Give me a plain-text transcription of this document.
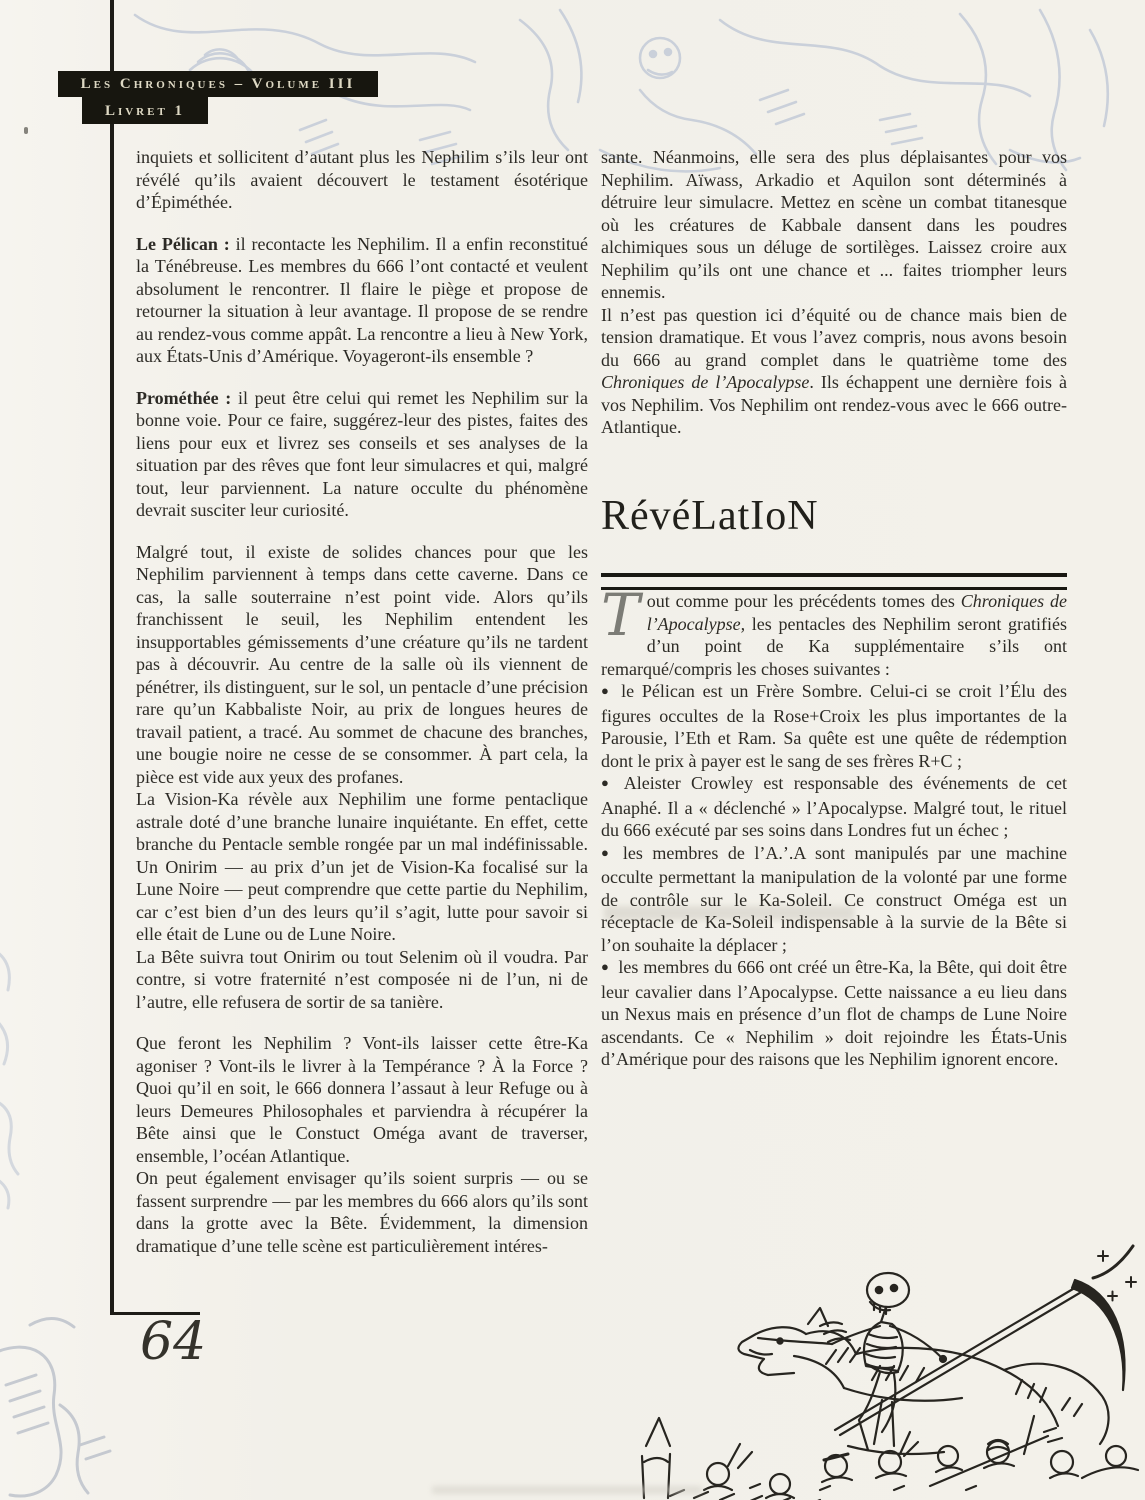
Les Chroniques – Volume III
Livret 1

inquiets et sollicitent d’autant plus les Nephilim s’ils leur ont révélé qu’ils avaient découvert le testament ésotérique d’Épiméthée.

Le Pélican : il recontacte les Nephilim. Il a enfin reconstitué la Ténébreuse. Les membres du 666 l’ont contacté et veulent absolument le rencontrer. Il flaire le piège et propose de retourner la situation à leur avantage. Il propose de se rendre au rendez-vous comme appât. La rencontre a lieu à New York, aux États-Unis d’Amérique. Voyageront-ils ensemble ?

Prométhée : il peut être celui qui remet les Nephilim sur la bonne voie. Pour ce faire, suggérez-leur des pistes, faites des liens pour eux et livrez ses conseils et ses analyses de la situation par des rêves que font leur simulacres et qui, malgré tout, leur parviennent. La nature occulte du phénomène devrait susciter leur curiosité.

Malgré tout, il existe de solides chances pour que les Nephilim parviennent à temps dans cette caverne. Dans ce cas, la salle souterraine n’est point vide. Alors qu’ils franchissent le seuil, les Nephilim entendent les insupportables gémissements d’une créature qu’ils ne tardent pas à découvrir. Au centre de la salle où ils viennent de pénétrer, ils distinguent, sur le sol, un pentacle d’une précision rare qu’un Kabbaliste Noir, au prix de longues heures de travail patient, a tracé. Au sommet de chacune des branches, une bougie noire ne cesse de se consommer. À part cela, la pièce est vide aux yeux des profanes.

La Vision-Ka révèle aux Nephilim une forme pentaclique astrale doté d’une branche lunaire inquiétante. En effet, cette branche du Pentacle semble rongée par un mal indéfinissable. Un Onirim — au prix d’un jet de Vision-Ka focalisé sur la Lune Noire — peut comprendre que cette partie du Nephilim, car c’est bien d’un des leurs qu’il s’agit, lutte pour savoir si elle était de Lune ou de Lune Noire.

La Bête suivra tout Onirim ou tout Selenim où il voudra. Par contre, si votre fraternité n’est composée ni de l’un, ni de l’autre, elle refusera de sortir de sa tanière.

Que feront les Nephilim ? Vont-ils laisser cette être-Ka agoniser ? Vont-ils le livrer à la Tempérance ? À la Force ? Quoi qu’il en soit, le 666 donnera l’assaut à leur Refuge ou à leurs Demeures Philosophales et parviendra à récupérer la Bête ainsi que le Constuct Oméga avant de traverser, ensemble, l’océan Atlantique.

On peut également envisager qu’ils soient surpris — ou se fassent surprendre — par les membres du 666 alors qu’ils sont dans la grotte avec la Bête. Évidemment, la dimension dramatique d’une telle scène est particulièrement intéres-

sante. Néanmoins, elle sera des plus déplaisantes pour vos Nephilim. Aïwass, Arkadio et Aquilon sont déterminés à détruire leur simulacre. Mettez en scène un combat titanesque où les créatures de Kabbale dansent dans les poudres alchimiques sous un déluge de sortilèges. Laissez croire aux Nephilim qu’ils ont une chance et ... faites triompher leurs ennemis.

Il n’est pas question ici d’équité ou de chance mais bien de tension dramatique. Et vous l’avez compris, nous avons besoin du 666 au grand complet dans le quatrième tome des Chroniques de l’Apocalypse. Ils échappent une dernière fois à vos Nephilim. Vos Nephilim ont rendez-vous avec le 666 outre-Atlantique.

RévéLatIoN

Tout comme pour les précédents tomes des Chroniques de l’Apocalypse, les pentacles des Nephilim seront gratifiés d’un point de Ka supplémentaire s’ils ont remarqué/compris les choses suivantes :

● le Pélican est un Frère Sombre. Celui-ci se croit l’Élu des figures occultes de la Rose+Croix les plus importantes de la Parousie, l’Eth et Ram. Sa quête est une quête de rédemption dont le prix à payer est le sang de ses frères R+C ;

● Aleister Crowley est responsable des événements de cet Anaphé. Il a « déclenché » l’Apocalypse. Malgré tout, le rituel du 666 exécuté par ses soins dans Londres fut un échec ;

● les membres de l’A.’.A sont manipulés par une machine occulte permettant la manipulation de la volonté par une forme de contrôle sur le Ka-Soleil. Ce construct Oméga est un réceptacle de Ka-Soleil indispensable à la survie de la Bête si l’on souhaite la déplacer ;

● les membres du 666 ont créé un être-Ka, la Bête, qui doit être leur cavalier dans l’Apocalypse. Cette naissance a eu lieu dans un Nexus mais en présence d’un flot de champs de Lune Noire ascendants. Ce « Nephilim » doit rejoindre les États-Unis d’Amérique pour des raisons que les Nephilim ignorent encore.

64
